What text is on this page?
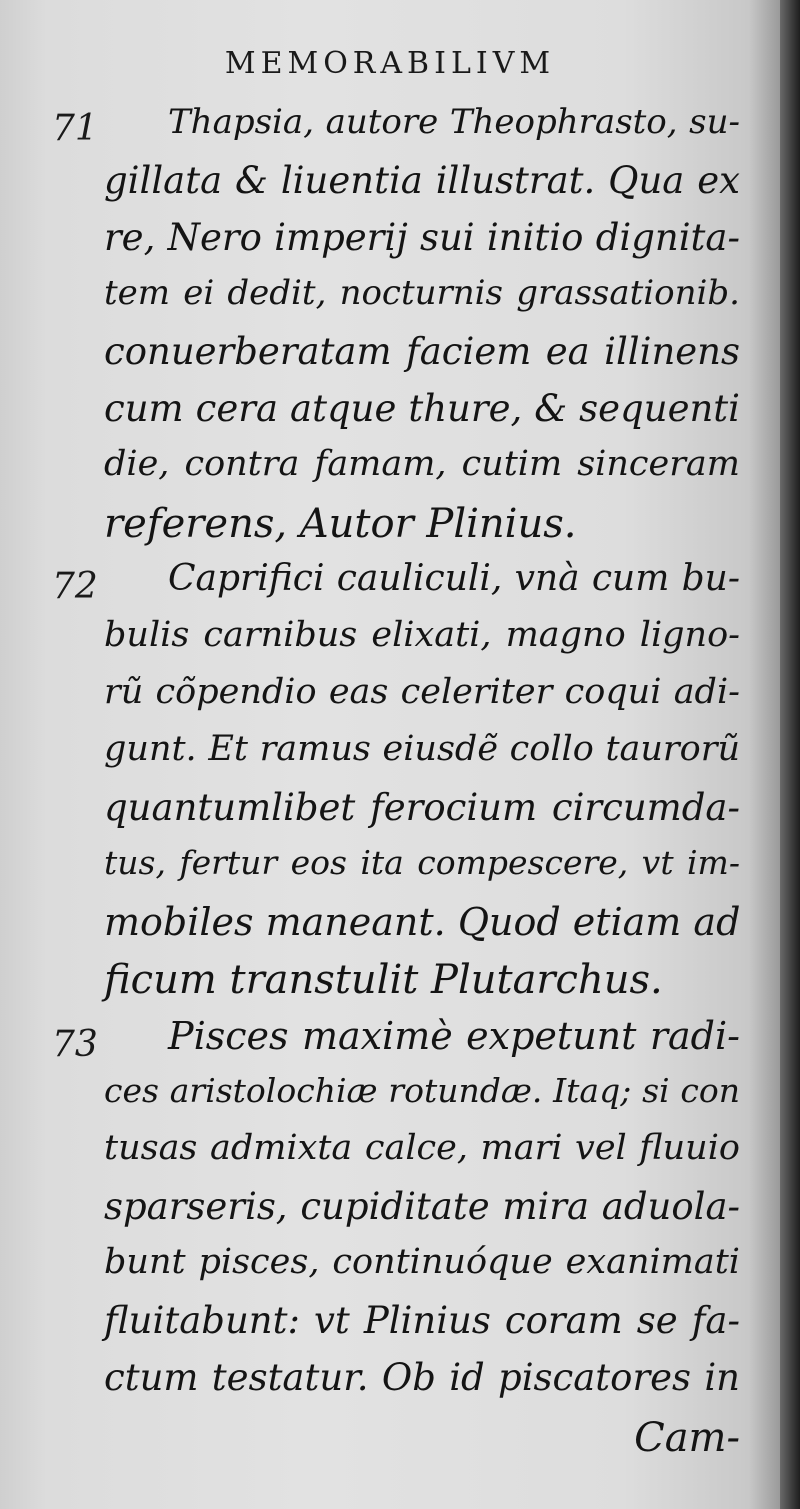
MEMORABILIVM
71 Thapsia, autore Theophrasto, su-
gillata & liuentia illustrat. Qua ex
re, Nero imperij sui initio dignita-
tem ei dedit, nocturnis grassationib.
conuerberatam faciem ea illinens
cum cera atque thure, & sequenti
die, contra famam, cutim sinceram
referens, Autor Plinius.
72 Caprifici cauliculi, vnà cum bu-
bulis carnibus elixati, magno ligno-
rũ cõpendio eas celeriter coqui adi-
gunt. Et ramus eiusdẽ collo taurorũ
quantumlibet ferocium circumda-
tus, fertur eos ita compescere, vt im-
mobiles maneant. Quod etiam ad
ficum transtulit Plutarchus.
73 Pisces maximè expetunt radi-
ces aristolochiæ rotundæ. Itaq; si con
tusas admixta calce, mari vel fluuio
sparseris, cupiditate mira aduola-
bunt pisces, continuóque exanimati
fluitabunt: vt Plinius coram se fa-
ctum testatur. Ob id piscatores in
Cam-
